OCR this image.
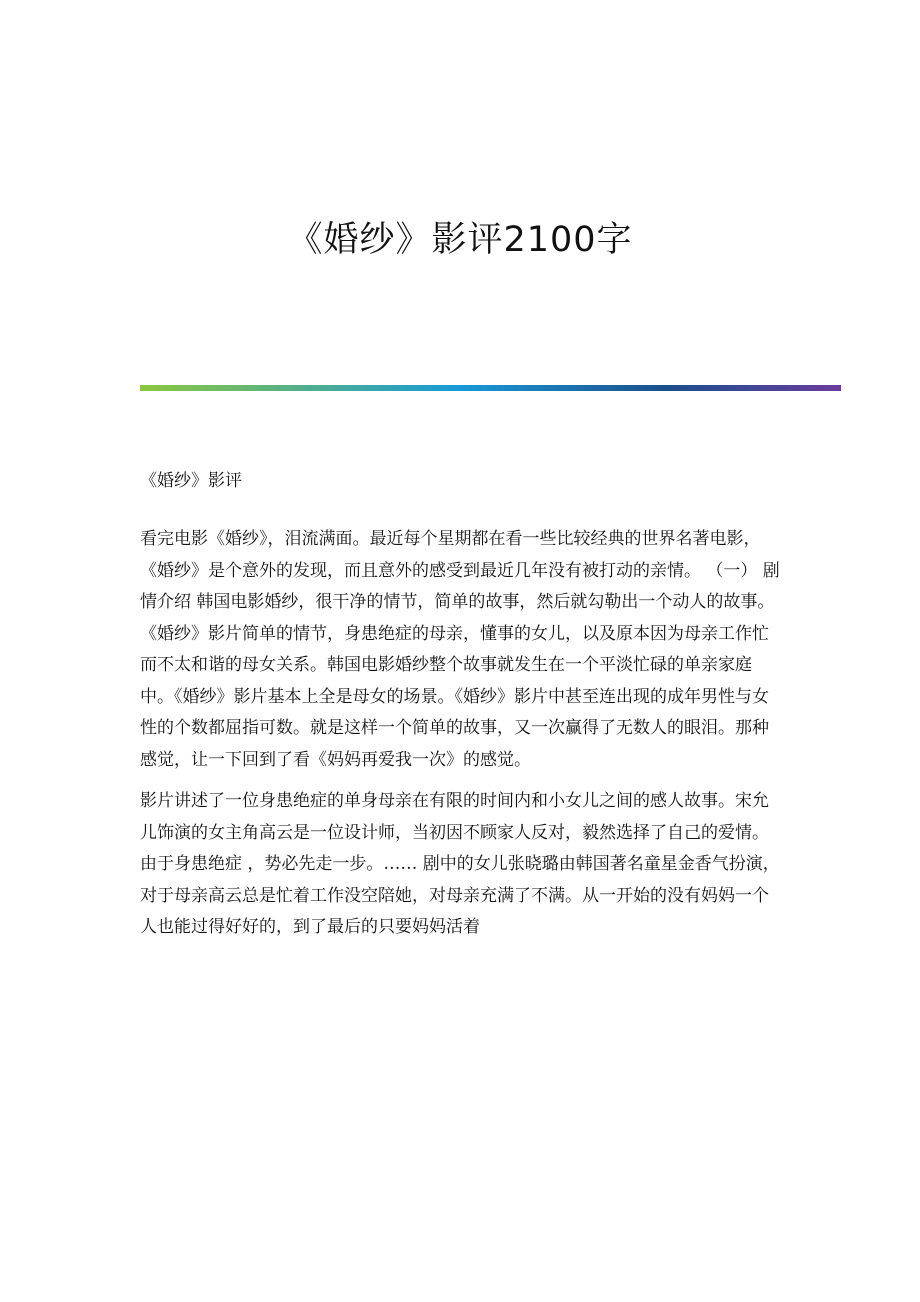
《婚纱》影评2100字

《婚纱》影评

看完电影《婚纱》，泪流满面。最近每个星期都在看一些比较经典的世界名著电影，《婚纱》是个意外的发现，而且意外的感受到最近几年没有被打动的亲情。 （一） 剧情介绍 韩国电影婚纱，很干净的情节，简单的故事，然后就勾勒出一个动人的故事。《婚纱》影片简单的情节，身患绝症的母亲，懂事的女儿，以及原本因为母亲工作忙而不太和谐的母女关系。韩国电影婚纱整个故事就发生在一个平淡忙碌的单亲家庭中。《婚纱》影片基本上全是母女的场景。《婚纱》影片中甚至连出现的成年男性与女性的个数都屈指可数。就是这样一个简单的故事，又一次赢得了无数人的眼泪。那种感觉，让一下回到了看《妈妈再爱我一次》的感觉。

影片讲述了一位身患绝症的单身母亲在有限的时间内和小女儿之间的感人故事。宋允儿饰演的女主角高云是一位设计师，当初因不顾家人反对，毅然选择了自己的爱情。由于身患绝症 ，势必先走一步。…… 剧中的女儿张晓璐由韩国著名童星金香气扮演，对于母亲高云总是忙着工作没空陪她，对母亲充满了不满。从一开始的没有妈妈一个人也能过得好好的，到了最后的只要妈妈活着
